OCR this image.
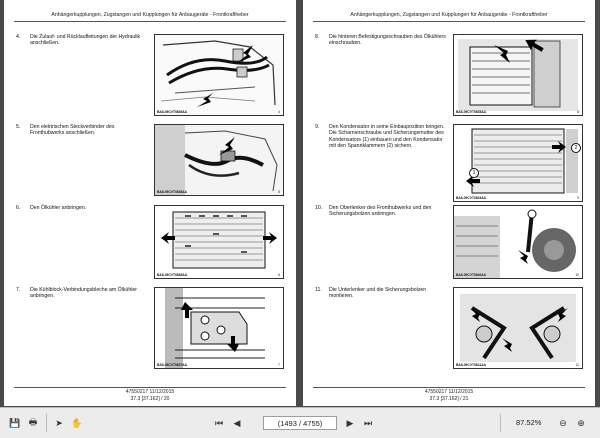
Anhängerkupplungen, Zugstangen und Kupplungen für Anbaugeräte - Frontkraftheber
4. Die Zulauf- und Rücklaufleitungen der Hydraulik anschließen.
BAIL09CVT0839AA	4
5. Den elektrischen Steckverbinder des Fronthubwerks anschließen.
BAIL09CVT0838AA	5
6. Den Ölkühler anbringen.
BAIL09CVT0836AA	6
7. Die Kühlblock-Verbindungsbleche am Ölkühler anbringen.
BAIL09CVT0837AA	7
47550217 11/12/2015
37.3 [37.162] / 20
Anhängerkupplungen, Zugstangen und Kupplungen für Anbaugeräte - Frontkraftheber
8. Die hinteren Befestigungsschrauben des Ölkühlers einschrauben.
BAIL09CVT0835AA	8
9. Den Kondensator in seine Einbauposition bringen. Die Scharnierschraube und Sicherungsmutter des Kondensators (1) einbauen und den Kondensator mit den Spannklammern (2) sichern.
BAIL09CVT0834AA	9
1
2
10. Den Oberlenker des Fronthubwerks und den Sicherungsbolzen anbringen.
BAIL09CVT0840AA	10
11. Die Unterlenker und die Sicherungsbolzen montieren.
BAIL09CVT0841AA	11
47550217 11/12/2015
37.3 [37.162] / 21
💾 🖶	➤ ✋	⏮	◀	(1493 / 4755)	▶	⏭	87.52%	⊖	⊕
